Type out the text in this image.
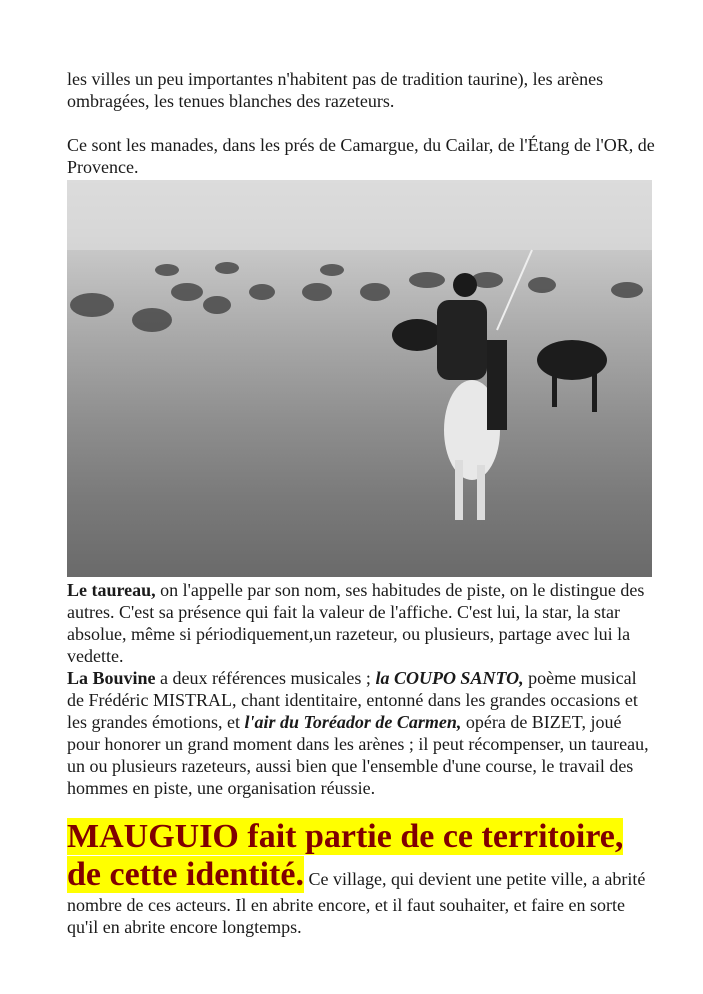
les villes un peu importantes n'habitent pas de tradition taurine), les arènes ombragées, les tenues blanches des razeteurs.
Ce sont les manades, dans les prés de Camargue, du Cailar, de l'Étang de l'OR, de Provence.
Le taureau, on l'appelle par son nom, ses habitudes de piste, on le distingue des autres. C'est sa présence qui fait la valeur de l'affiche. C'est lui, la star, la star absolue, même si périodiquement,un razeteur, ou plusieurs, partage avec lui la vedette.
La Bouvine a deux références musicales ; la COUPO SANTO, poème musical de Frédéric MISTRAL, chant identitaire, entonné dans les grandes occasions et les grandes émotions, et l'air du Toréador de Carmen, opéra de BIZET, joué pour honorer un grand moment dans les arènes ; il peut récompenser, un taureau, un ou plusieurs razeteurs, aussi bien que l'ensemble d'une course, le travail des hommes en piste, une organisation réussie.
MAUGUIO fait partie de ce territoire, de cette identité. Ce village, qui devient une petite ville, a abrité nombre de ces acteurs. Il en abrite encore, et il faut souhaiter, et faire en sorte qu'il en abrite encore longtemps.
